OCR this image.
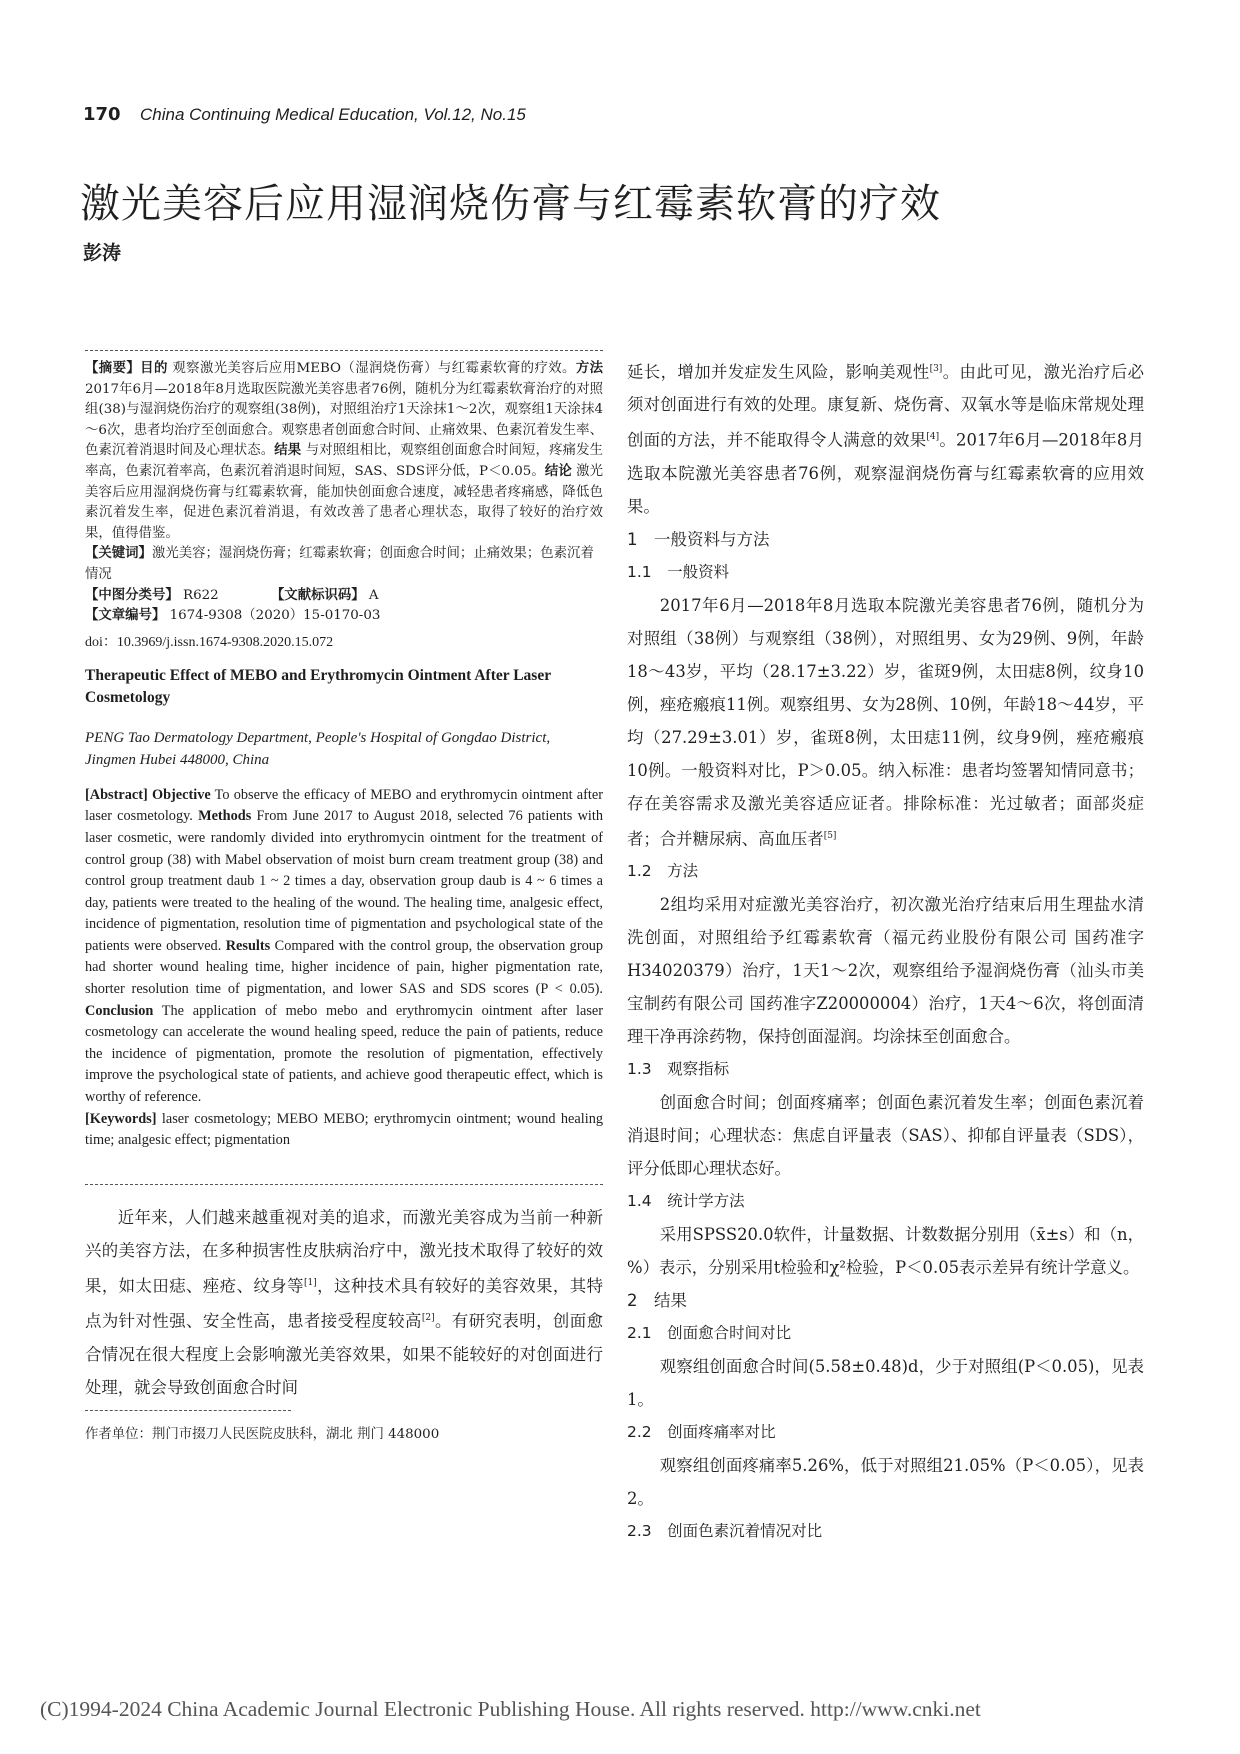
170 China Continuing Medical Education, Vol.12, No.15
激光美容后应用湿润烧伤膏与红霉素软膏的疗效
彭涛

【摘要】目的 观察激光美容后应用MEBO（湿润烧伤膏）与红霉素软膏的疗效。方法 2017年6月—2018年8月选取医院激光美容患者76例，随机分为红霉素软膏治疗的对照组(38)与湿润烧伤治疗的观察组(38例)，对照组治疗1天涂抹1～2次，观察组1天涂抹4～6次，患者均治疗至创面愈合。观察患者创面愈合时间、止痛效果、色素沉着发生率、色素沉着消退时间及心理状态。结果 与对照组相比，观察组创面愈合时间短，疼痛发生率高，色素沉着率高，色素沉着消退时间短，SAS、SDS评分低，P＜0.05。结论 激光美容后应用湿润烧伤膏与红霉素软膏，能加快创面愈合速度，减轻患者疼痛感，降低色素沉着发生率，促进色素沉着消退，有效改善了患者心理状态，取得了较好的治疗效果，值得借鉴。

【关键词】激光美容；湿润烧伤膏；红霉素软膏；创面愈合时间；止痛效果；色素沉着情况

【中图分类号】 R622	【文献标识码】 A

【文章编号】 1674-9308（2020）15-0170-03

doi：10.3969/j.issn.1674-9308.2020.15.072

Therapeutic Effect of MEBO and Erythromycin Ointment After Laser Cosmetology

PENG Tao Dermatology Department, People's Hospital of Gongdao District, Jingmen Hubei 448000, China

[Abstract] Objective To observe the efficacy of MEBO and erythromycin ointment after laser cosmetology. Methods From June 2017 to August 2018, selected 76 patients with laser cosmetic, were randomly divided into erythromycin ointment for the treatment of control group (38) with Mabel observation of moist burn cream treatment group (38) and control group treatment daub 1 ~ 2 times a day, observation group daub is 4 ~ 6 times a day, patients were treated to the healing of the wound. The healing time, analgesic effect, incidence of pigmentation, resolution time of pigmentation and psychological state of the patients were observed. Results Compared with the control group, the observation group had shorter wound healing time, higher incidence of pain, higher pigmentation rate, shorter resolution time of pigmentation, and lower SAS and SDS scores (P < 0.05). Conclusion The application of mebo mebo and erythromycin ointment after laser cosmetology can accelerate the wound healing speed, reduce the pain of patients, reduce the incidence of pigmentation, promote the resolution of pigmentation, effectively improve the psychological state of patients, and achieve good therapeutic effect, which is worthy of reference.
[Keywords] laser cosmetology; MEBO MEBO; erythromycin ointment; wound healing time; analgesic effect; pigmentation

近年来，人们越来越重视对美的追求，而激光美容成为当前一种新兴的美容方法，在多种损害性皮肤病治疗中，激光技术取得了较好的效果，如太田痣、痤疮、纹身等[1]，这种技术具有较好的美容效果，其特点为针对性强、安全性高，患者接受程度较高[2]。有研究表明，创面愈合情况在很大程度上会影响激光美容效果，如果不能较好的对创面进行处理，就会导致创面愈合时间

作者单位：荆门市掇刀人民医院皮肤科，湖北 荆门 448000

延长，增加并发症发生风险，影响美观性[3]。由此可见，激光治疗后必须对创面进行有效的处理。康复新、烧伤膏、双氧水等是临床常规处理创面的方法，并不能取得令人满意的效果[4]。2017年6月—2018年8月选取本院激光美容患者76例，观察湿润烧伤膏与红霉素软膏的应用效果。

1　一般资料与方法

1.1　一般资料

2017年6月—2018年8月选取本院激光美容患者76例，随机分为对照组（38例）与观察组（38例），对照组男、女为29例、9例，年龄18～43岁，平均（28.17±3.22）岁，雀斑9例，太田痣8例，纹身10例，痤疮瘢痕11例。观察组男、女为28例、10例，年龄18～44岁，平均（27.29±3.01）岁，雀斑8例，太田痣11例，纹身9例，痤疮瘢痕10例。一般资料对比，P＞0.05。纳入标准：患者均签署知情同意书；存在美容需求及激光美容适应证者。排除标准：光过敏者；面部炎症者；合并糖尿病、高血压者[5]

1.2　方法

2组均采用对症激光美容治疗，初次激光治疗结束后用生理盐水清洗创面，对照组给予红霉素软膏（福元药业股份有限公司 国药准字H34020379）治疗，1天1～2次，观察组给予湿润烧伤膏（汕头市美宝制药有限公司 国药准字Z20000004）治疗，1天4～6次，将创面清理干净再涂药物，保持创面湿润。均涂抹至创面愈合。

1.3　观察指标

创面愈合时间；创面疼痛率；创面色素沉着发生率；创面色素沉着消退时间；心理状态：焦虑自评量表（SAS）、抑郁自评量表（SDS），评分低即心理状态好。

1.4　统计学方法

采用SPSS20.0软件，计量数据、计数数据分别用（x̄±s）和（n，%）表示，分别采用t检验和χ²检验，P＜0.05表示差异有统计学意义。

2　结果

2.1　创面愈合时间对比

观察组创面愈合时间(5.58±0.48)d，少于对照组(P＜0.05)，见表1。

2.2　创面疼痛率对比

观察组创面疼痛率5.26%，低于对照组21.05%（P＜0.05），见表2。

2.3　创面色素沉着情况对比

(C)1994-2024 China Academic Journal Electronic Publishing House. All rights reserved. http://www.cnki.net
